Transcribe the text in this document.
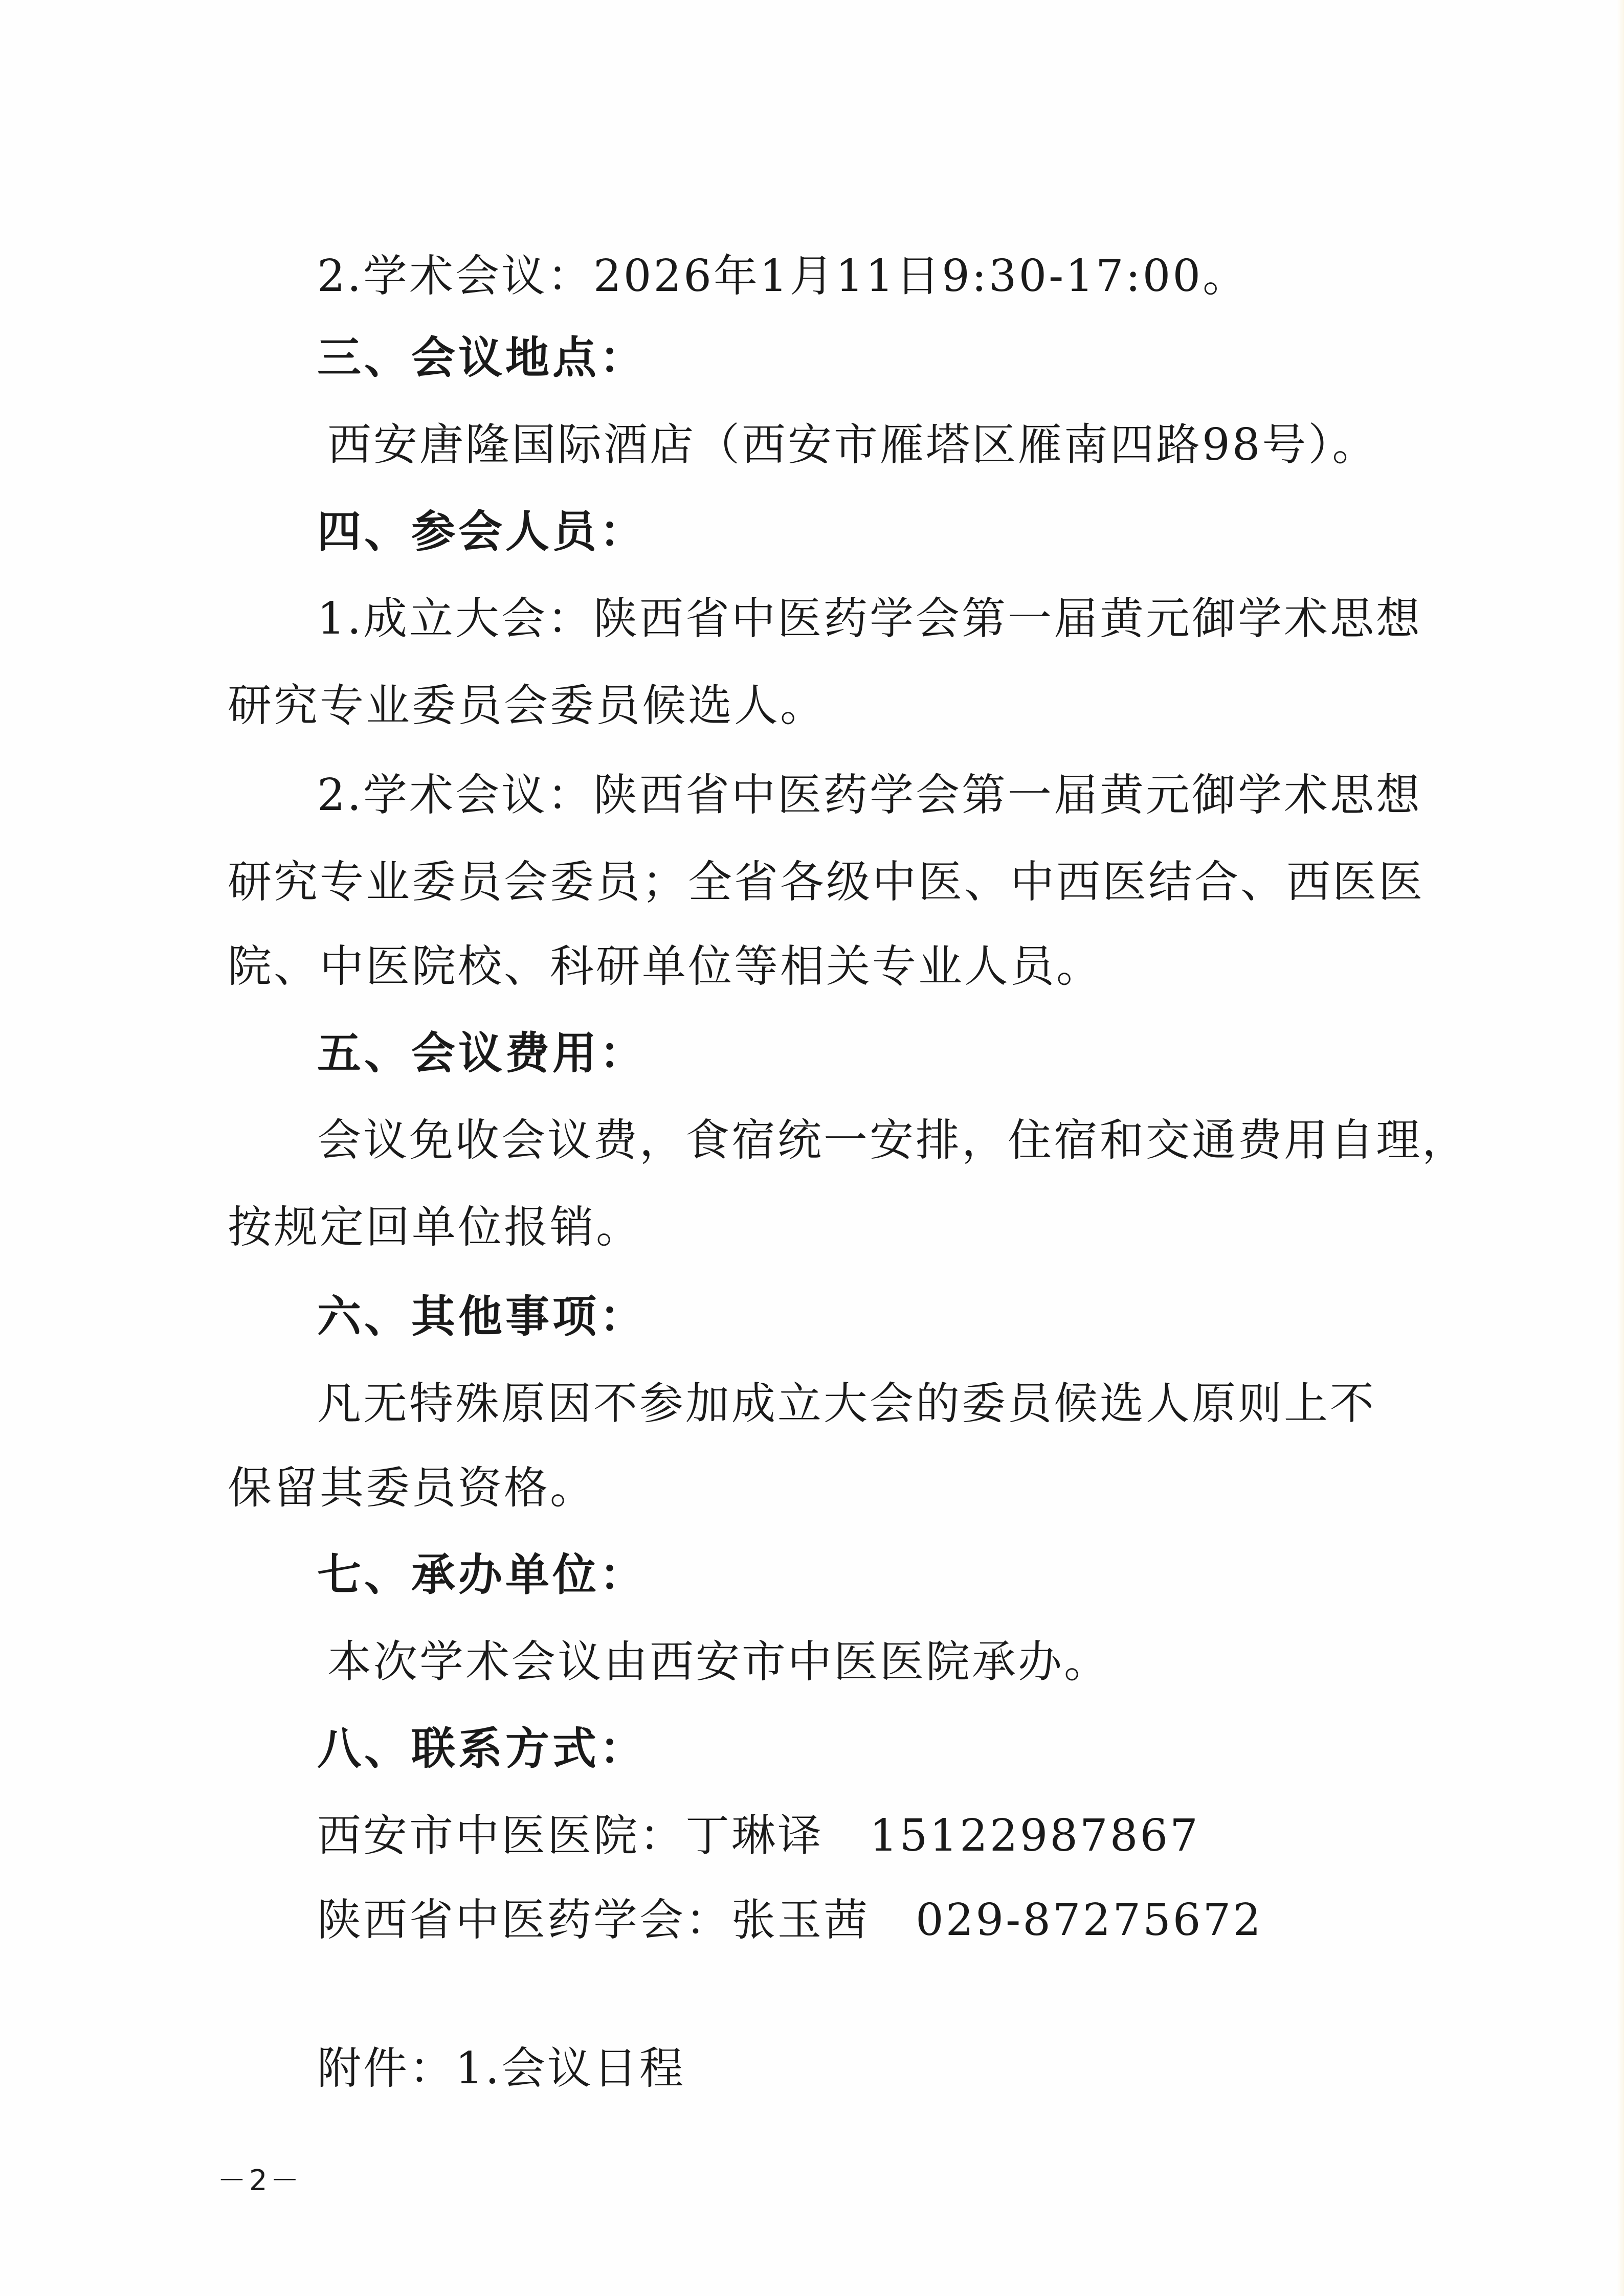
2.学术会议：2026年1月11日9:30-17:00。
三、会议地点：
西安唐隆国际酒店（西安市雁塔区雁南四路98号）。
四、参会人员：
1.成立大会：陕西省中医药学会第一届黄元御学术思想
研究专业委员会委员候选人。
2.学术会议：陕西省中医药学会第一届黄元御学术思想
研究专业委员会委员；全省各级中医、中西医结合、西医医
院、中医院校、科研单位等相关专业人员。
五、会议费用：
会议免收会议费，食宿统一安排，住宿和交通费用自理，
按规定回单位报销。
六、其他事项：
凡无特殊原因不参加成立大会的委员候选人原则上不
保留其委员资格。
七、承办单位：
本次学术会议由西安市中医医院承办。
八、联系方式：
西安市中医医院：丁琳译 15122987867
陕西省中医药学会：张玉茜 029-87275672
附件：1.会议日程
－2－
